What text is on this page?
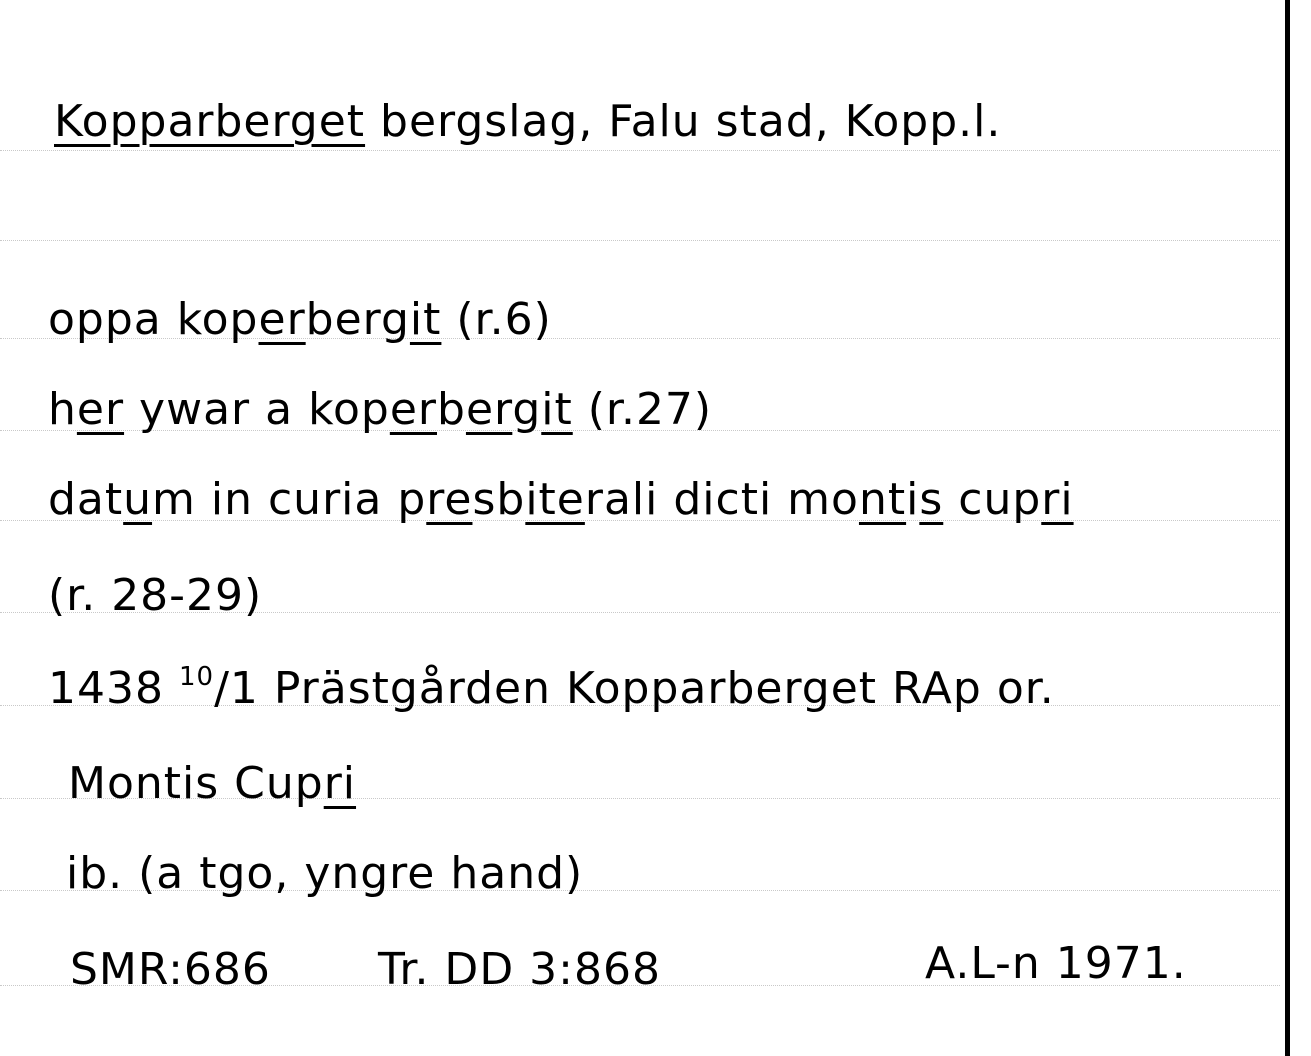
Kopparberget bergslag, Falu stad, Kopp.l.
oppa koperbergit (r.6)
her ywar a koperbergit (r.27)
datum in curia presbiterali dicti montis cupri
(r. 28-29)
1438 $^{10}$/1 Prästgården Kopparberget RAp or.
Montis Cupri
ib. (a tgo, yngre hand)
SMR:686 Tr. DD 3:868	A.L-n 1971.
